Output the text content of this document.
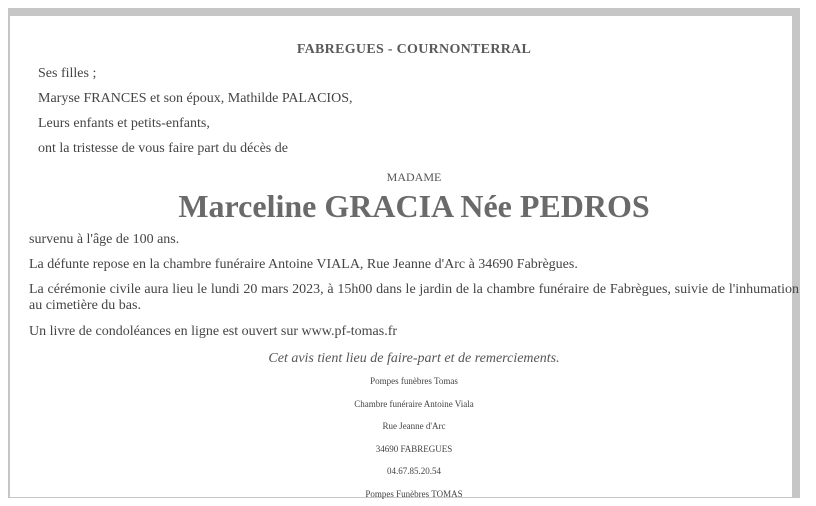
FABREGUES - COURNONTERRAL
Ses filles ;
Maryse FRANCES et son époux, Mathilde PALACIOS,
Leurs enfants et petits-enfants,
ont la tristesse de vous faire part du décès de
MADAME
Marceline GRACIA Née PEDROS
survenu à l'âge de 100 ans.
La défunte repose en la chambre funéraire Antoine VIALA, Rue Jeanne d'Arc à 34690 Fabrègues.
La cérémonie civile aura lieu le lundi 20 mars 2023, à 15h00 dans le jardin de la chambre funéraire de Fabrègues, suivie de l'inhumation au cimetière du bas.
Un livre de condoléances en ligne est ouvert sur www.pf-tomas.fr
Cet avis tient lieu de faire-part et de remerciements.
Pompes funèbres Tomas
Chambre funéraire Antoine Viala
Rue Jeanne d'Arc
34690 FABREGUES
04.67.85.20.54
Pompes Funèbres TOMAS
